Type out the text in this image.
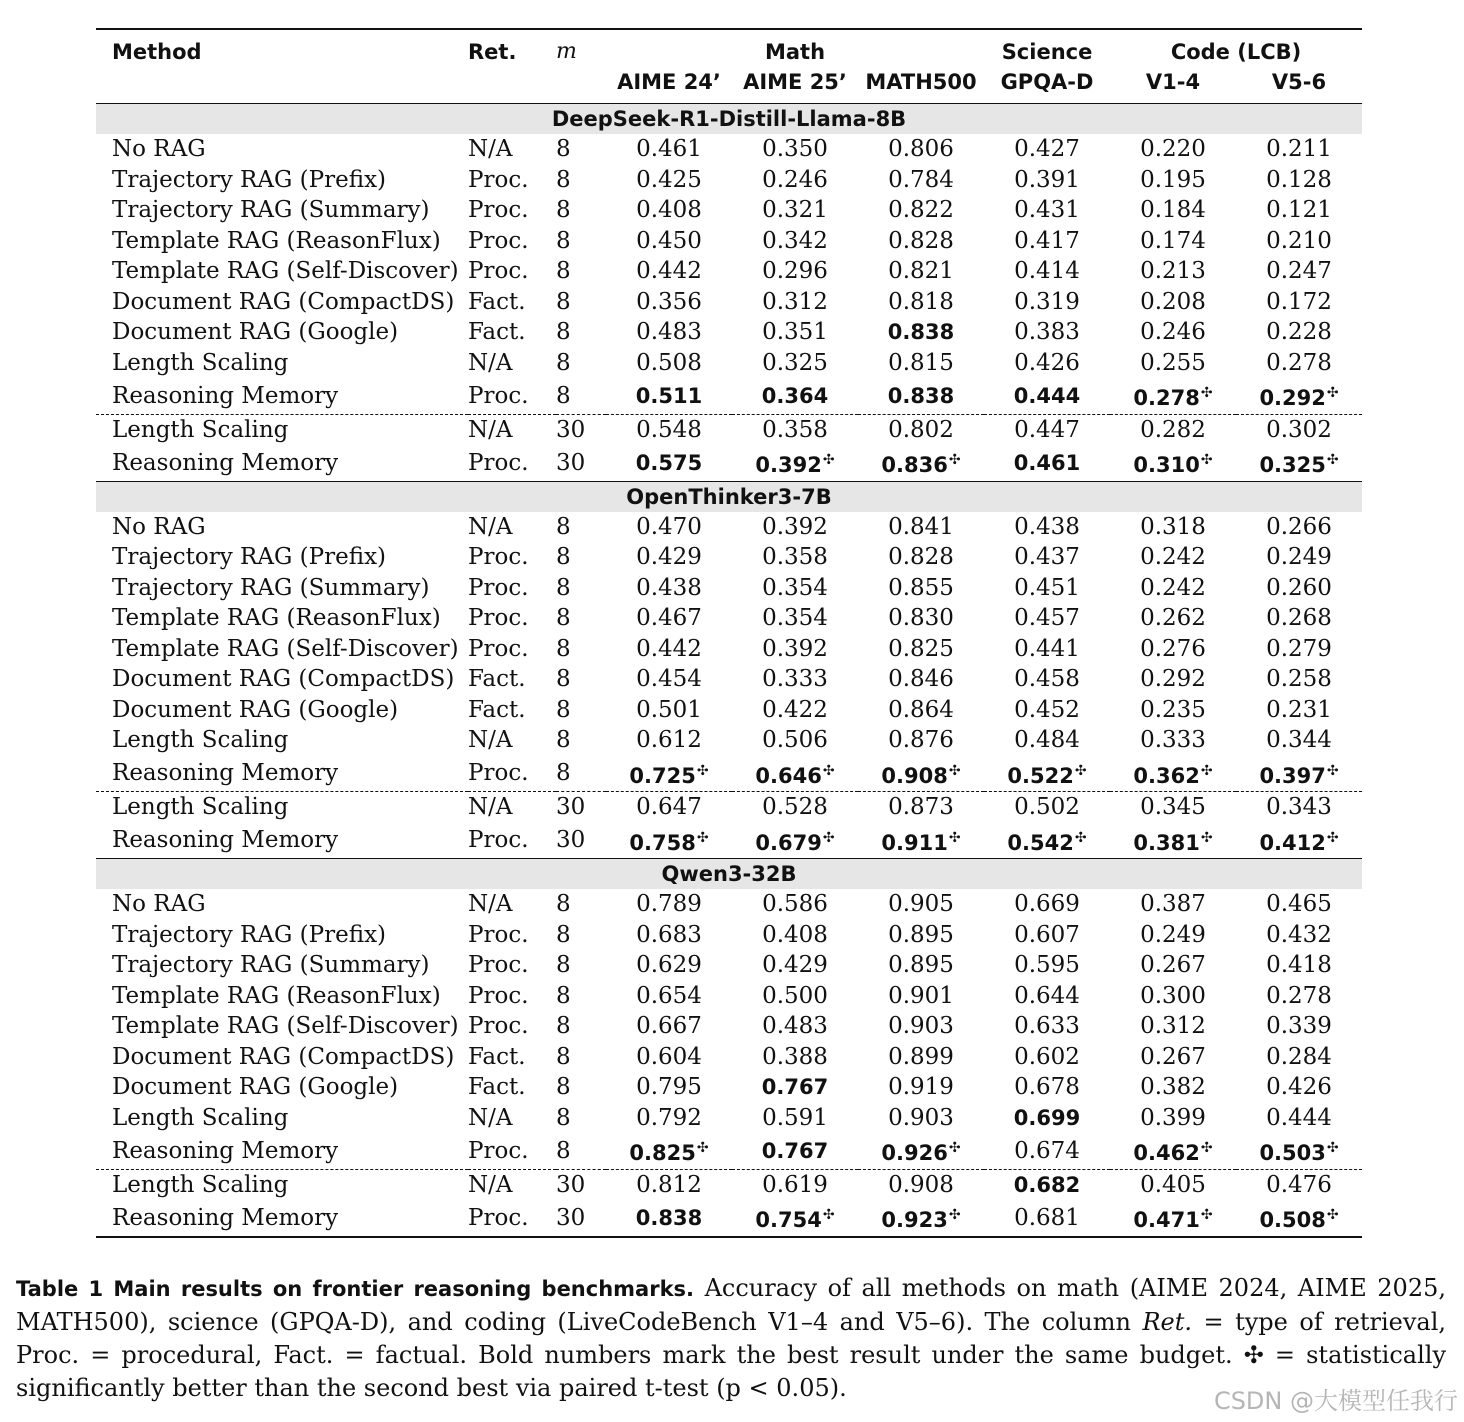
Method	Ret.	m	Math			Science	Code (LCB)	
			AIME 24’	AIME 25’	MATH500	GPQA-D	V1-4	V5-6
DeepSeek-R1-Distill-Llama-8B								
No RAG	N/A	8	0.461	0.350	0.806	0.427	0.220	0.211
Trajectory RAG (Prefix)	Proc.	8	0.425	0.246	0.784	0.391	0.195	0.128
Trajectory RAG (Summary)	Proc.	8	0.408	0.321	0.822	0.431	0.184	0.121
Template RAG (ReasonFlux)	Proc.	8	0.450	0.342	0.828	0.417	0.174	0.210
Template RAG (Self-Discover)	Proc.	8	0.442	0.296	0.821	0.414	0.213	0.247
Document RAG (CompactDS)	Fact.	8	0.356	0.312	0.818	0.319	0.208	0.172
Document RAG (Google)	Fact.	8	0.483	0.351	0.838	0.383	0.246	0.228
Length Scaling	N/A	8	0.508	0.325	0.815	0.426	0.255	0.278
Reasoning Memory	Proc.	8	0.511	0.364	0.838	0.444	0.278✣	0.292✣
Length Scaling	N/A	30	0.548	0.358	0.802	0.447	0.282	0.302
Reasoning Memory	Proc.	30	0.575	0.392✣	0.836✣	0.461	0.310✣	0.325✣
OpenThinker3-7B								
No RAG	N/A	8	0.470	0.392	0.841	0.438	0.318	0.266
Trajectory RAG (Prefix)	Proc.	8	0.429	0.358	0.828	0.437	0.242	0.249
Trajectory RAG (Summary)	Proc.	8	0.438	0.354	0.855	0.451	0.242	0.260
Template RAG (ReasonFlux)	Proc.	8	0.467	0.354	0.830	0.457	0.262	0.268
Template RAG (Self-Discover)	Proc.	8	0.442	0.392	0.825	0.441	0.276	0.279
Document RAG (CompactDS)	Fact.	8	0.454	0.333	0.846	0.458	0.292	0.258
Document RAG (Google)	Fact.	8	0.501	0.422	0.864	0.452	0.235	0.231
Length Scaling	N/A	8	0.612	0.506	0.876	0.484	0.333	0.344
Reasoning Memory	Proc.	8	0.725✣	0.646✣	0.908✣	0.522✣	0.362✣	0.397✣
Length Scaling	N/A	30	0.647	0.528	0.873	0.502	0.345	0.343
Reasoning Memory	Proc.	30	0.758✣	0.679✣	0.911✣	0.542✣	0.381✣	0.412✣
Qwen3-32B								
No RAG	N/A	8	0.789	0.586	0.905	0.669	0.387	0.465
Trajectory RAG (Prefix)	Proc.	8	0.683	0.408	0.895	0.607	0.249	0.432
Trajectory RAG (Summary)	Proc.	8	0.629	0.429	0.895	0.595	0.267	0.418
Template RAG (ReasonFlux)	Proc.	8	0.654	0.500	0.901	0.644	0.300	0.278
Template RAG (Self-Discover)	Proc.	8	0.667	0.483	0.903	0.633	0.312	0.339
Document RAG (CompactDS)	Fact.	8	0.604	0.388	0.899	0.602	0.267	0.284
Document RAG (Google)	Fact.	8	0.795	0.767	0.919	0.678	0.382	0.426
Length Scaling	N/A	8	0.792	0.591	0.903	0.699	0.399	0.444
Reasoning Memory	Proc.	8	0.825✣	0.767	0.926✣	0.674	0.462✣	0.503✣
Length Scaling	N/A	30	0.812	0.619	0.908	0.682	0.405	0.476
Reasoning Memory	Proc.	30	0.838	0.754✣	0.923✣	0.681	0.471✣	0.508✣
Table 1 Main results on frontier reasoning benchmarks. Accuracy of all methods on math (AIME 2024, AIME 2025, MATH500), science (GPQA-D), and coding (LiveCodeBench V1–4 and V5–6). The column Ret. = type of retrieval, Proc. = procedural, Fact. = factual. Bold numbers mark the best result under the same budget. ✣ = statistically significantly better than the second best via paired t-test (p < 0.05).	CSDN @大模型任我行
